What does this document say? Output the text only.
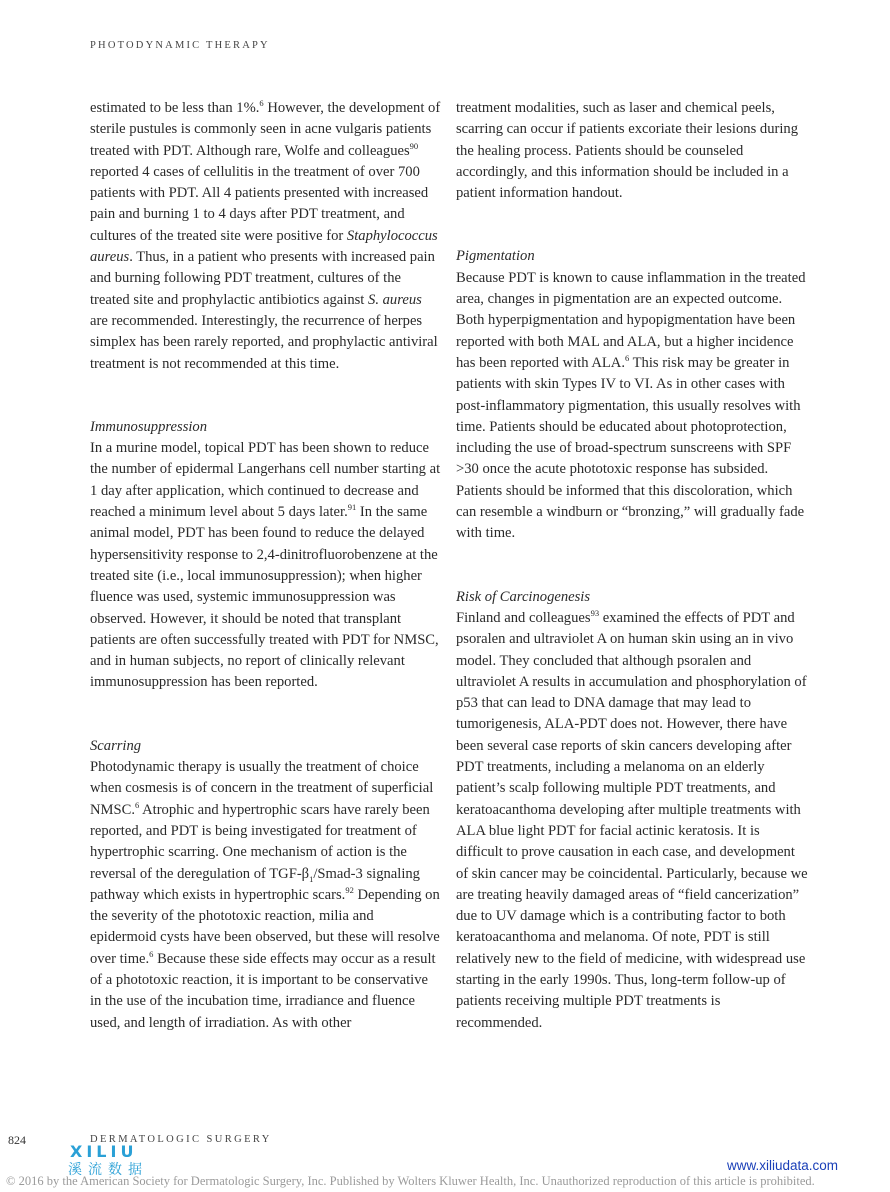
PHOTODYNAMIC THERAPY

estimated to be less than 1%.$^6$ However, the development of sterile pustules is commonly seen in acne vulgaris patients treated with PDT. Although rare, Wolfe and colleagues$^{90}$ reported 4 cases of cellulitis in the treatment of over 700 patients with PDT. All 4 patients presented with increased pain and burning 1 to 4 days after PDT treatment, and cultures of the treated site were positive for Staphylococcus aureus. Thus, in a patient who presents with increased pain and burning following PDT treatment, cultures of the treated site and prophylactic antibiotics against S. aureus are recommended. Interestingly, the recurrence of herpes simplex has been rarely reported, and prophylactic antiviral treatment is not recommended at this time.

Immunosuppression

In a murine model, topical PDT has been shown to reduce the number of epidermal Langerhans cell number starting at 1 day after application, which continued to decrease and reached a minimum level about 5 days later.$^{91}$ In the same animal model, PDT has been found to reduce the delayed hypersensitivity response to 2,4-dinitrofluorobenzene at the treated site (i.e., local immunosuppression); when higher fluence was used, systemic immunosuppression was observed. However, it should be noted that transplant patients are often successfully treated with PDT for NMSC, and in human subjects, no report of clinically relevant immunosuppression has been reported.

Scarring

Photodynamic therapy is usually the treatment of choice when cosmesis is of concern in the treatment of superficial NMSC.$^6$ Atrophic and hypertrophic scars have rarely been reported, and PDT is being investigated for treatment of hypertrophic scarring. One mechanism of action is the reversal of the deregulation of TGF-$\beta_1/Smad-3$ signaling pathway which exists in hypertrophic scars.$^{92}$ Depending on the severity of the phototoxic reaction, milia and epidermoid cysts have been observed, but these will resolve over time.$^6$ Because these side effects may occur as a result of a phototoxic reaction, it is important to be conservative in the use of the incubation time, irradiance and fluence used, and length of irradiation. As with other

treatment modalities, such as laser and chemical peels, scarring can occur if patients excoriate their lesions during the healing process. Patients should be counseled accordingly, and this information should be included in a patient information handout.

Pigmentation

Because PDT is known to cause inflammation in the treated area, changes in pigmentation are an expected outcome. Both hyperpigmentation and hypopigmentation have been reported with both MAL and ALA, but a higher incidence has been reported with ALA.$^6$ This risk may be greater in patients with skin Types IV to VI. As in other cases with post-inflammatory pigmentation, this usually resolves with time. Patients should be educated about photoprotection, including the use of broad-spectrum sunscreens with SPF >30 once the acute phototoxic response has subsided. Patients should be informed that this discoloration, which can resemble a windburn or “bronzing,” will gradually fade with time.

Risk of Carcinogenesis

Finland and colleagues$^{93}$ examined the effects of PDT and psoralen and ultraviolet A on human skin using an in vivo model. They concluded that although psoralen and ultraviolet A results in accumulation and phosphorylation of p53 that can lead to DNA damage that may lead to tumorigenesis, ALA-PDT does not. However, there have been several case reports of skin cancers developing after PDT treatments, including a melanoma on an elderly patient’s scalp following multiple PDT treatments, and keratoacanthoma developing after multiple treatments with ALA blue light PDT for facial actinic keratosis. It is difficult to prove causation in each case, and development of skin cancer may be coincidental. Particularly, because we are treating heavily damaged areas of “field cancerization” due to UV damage which is a contributing factor to both keratoacanthoma and melanoma. Of note, PDT is still relatively new to the field of medicine, with widespread use starting in the early 1990s. Thus, long-term follow-up of patients receiving multiple PDT treatments is recommended.

824	DERMATOLOGIC SURGERY
XILIU
溪流数据	www.xiliudata.com
© 2016 by the American Society for Dermatologic Surgery, Inc. Published by Wolters Kluwer Health, Inc. Unauthorized reproduction of this article is prohibited.
